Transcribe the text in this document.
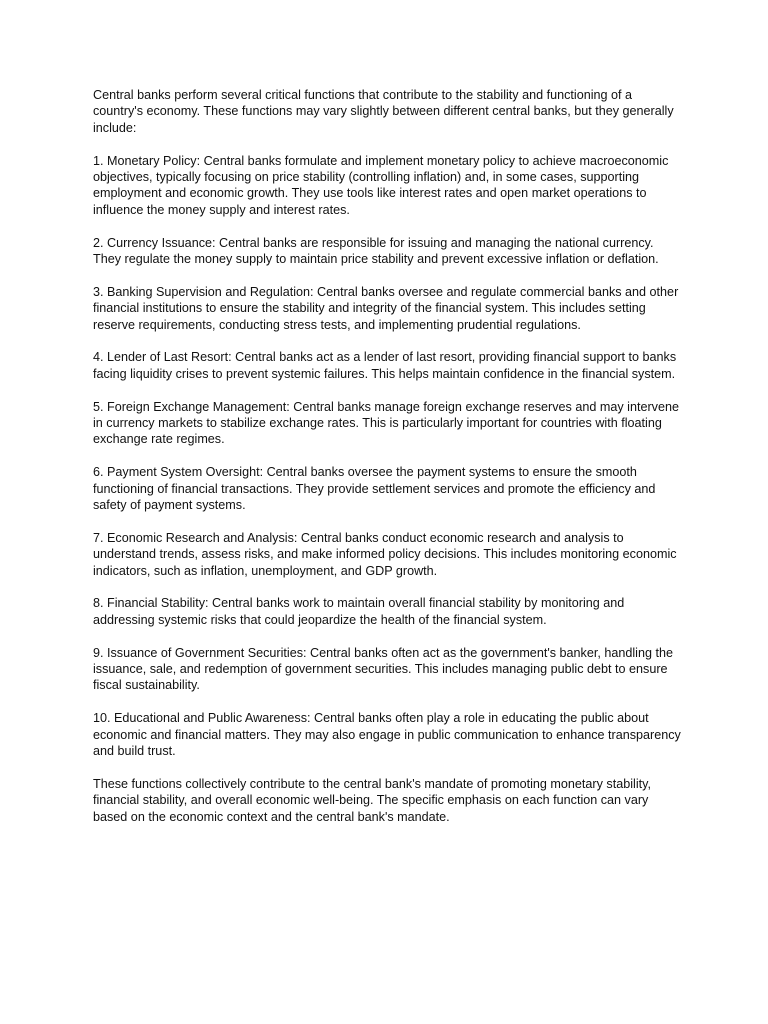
Central banks perform several critical functions that contribute to the stability and functioning of a country's economy. These functions may vary slightly between different central banks, but they generally include:

1. Monetary Policy: Central banks formulate and implement monetary policy to achieve macroeconomic objectives, typically focusing on price stability (controlling inflation) and, in some cases, supporting employment and economic growth. They use tools like interest rates and open market operations to influence the money supply and interest rates.

2. Currency Issuance: Central banks are responsible for issuing and managing the national currency. They regulate the money supply to maintain price stability and prevent excessive inflation or deflation.

3. Banking Supervision and Regulation: Central banks oversee and regulate commercial banks and other financial institutions to ensure the stability and integrity of the financial system. This includes setting reserve requirements, conducting stress tests, and implementing prudential regulations.

4. Lender of Last Resort: Central banks act as a lender of last resort, providing financial support to banks facing liquidity crises to prevent systemic failures. This helps maintain confidence in the financial system.

5. Foreign Exchange Management: Central banks manage foreign exchange reserves and may intervene in currency markets to stabilize exchange rates. This is particularly important for countries with floating exchange rate regimes.

6. Payment System Oversight: Central banks oversee the payment systems to ensure the smooth functioning of financial transactions. They provide settlement services and promote the efficiency and safety of payment systems.

7. Economic Research and Analysis: Central banks conduct economic research and analysis to understand trends, assess risks, and make informed policy decisions. This includes monitoring economic indicators, such as inflation, unemployment, and GDP growth.

8. Financial Stability: Central banks work to maintain overall financial stability by monitoring and addressing systemic risks that could jeopardize the health of the financial system.

9. Issuance of Government Securities: Central banks often act as the government's banker, handling the issuance, sale, and redemption of government securities. This includes managing public debt to ensure fiscal sustainability.

10. Educational and Public Awareness: Central banks often play a role in educating the public about economic and financial matters. They may also engage in public communication to enhance transparency and build trust.

These functions collectively contribute to the central bank's mandate of promoting monetary stability, financial stability, and overall economic well-being. The specific emphasis on each function can vary based on the economic context and the central bank's mandate.
